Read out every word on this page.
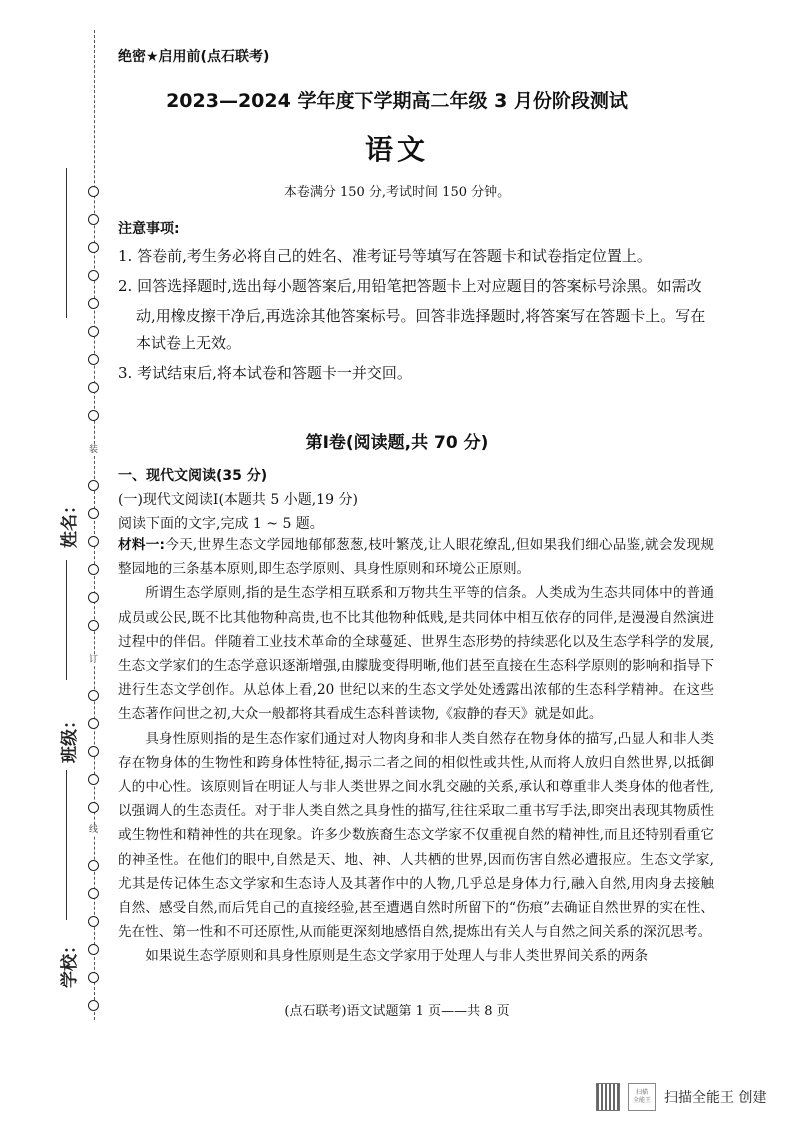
装
订
线
姓名：
班级：
学校：
绝密★启用前(点石联考)
2023—2024 学年度下学期高二年级 3 月份阶段测试
语文
本卷满分 150 分,考试时间 150 分钟。
注意事项:
1. 答卷前,考生务必将自己的姓名、准考证号等填写在答题卡和试卷指定位置上。
2. 回答选择题时,选出每小题答案后,用铅笔把答题卡上对应题目的答案标号涂黑。如需改
动,用橡皮擦干净后,再选涂其他答案标号。回答非选择题时,将答案写在答题卡上。写在
本试卷上无效。
3. 考试结束后,将本试卷和答题卡一并交回。
第Ⅰ卷(阅读题,共 70 分)
一、现代文阅读(35 分)
(一)现代文阅读Ⅰ(本题共 5 小题,19 分)
阅读下面的文字,完成 1 ~ 5 题。

材料一:今天,世界生态文学园地郁郁葱葱,枝叶繁茂,让人眼花缭乱,但如果我们细心品鉴,就会发现规整园地的三条基本原则,即生态学原则、具身性原则和环境公正原则。

所谓生态学原则,指的是生态学相互联系和万物共生平等的信条。人类成为生态共同体中的普通成员或公民,既不比其他物种高贵,也不比其他物种低贱,是共同体中相互依存的同伴,是漫漫自然演进过程中的伴侣。伴随着工业技术革命的全球蔓延、世界生态形势的持续恶化以及生态学科学的发展,生态文学家们的生态学意识逐渐增强,由朦胧变得明晰,他们甚至直接在生态科学原则的影响和指导下进行生态文学创作。从总体上看,20 世纪以来的生态文学处处透露出浓郁的生态科学精神。在这些生态著作问世之初,大众一般都将其看成生态科普读物,《寂静的春天》就是如此。

具身性原则指的是生态作家们通过对人物肉身和非人类自然存在物身体的描写,凸显人和非人类存在物身体的生物性和跨身体性特征,揭示二者之间的相似性或共性,从而将人放归自然世界,以抵御人的中心性。该原则旨在明证人与非人类世界之间水乳交融的关系,承认和尊重非人类身体的他者性,以强调人的生态责任。对于非人类自然之具身性的描写,往往采取二重书写手法,即突出表现其物质性或生物性和精神性的共在现象。许多少数族裔生态文学家不仅重视自然的精神性,而且还特别看重它的神圣性。在他们的眼中,自然是天、地、神、人共栖的世界,因而伤害自然必遭报应。生态文学家,尤其是传记体生态文学家和生态诗人及其著作中的人物,几乎总是身体力行,融入自然,用肉身去接触自然、感受自然,而后凭自己的直接经验,甚至遭遇自然时所留下的“伤痕”去确证自然世界的实在性、先在性、第一性和不可还原性,从而能更深刻地感悟自然,提炼出有关人与自然之间关系的深沉思考。

如果说生态学原则和具身性原则是生态文学家用于处理人与非人类世界间关系的两条

(点石联考)语文试题第 1 页——共 8 页
扫描
全能王 扫描全能王 创建
